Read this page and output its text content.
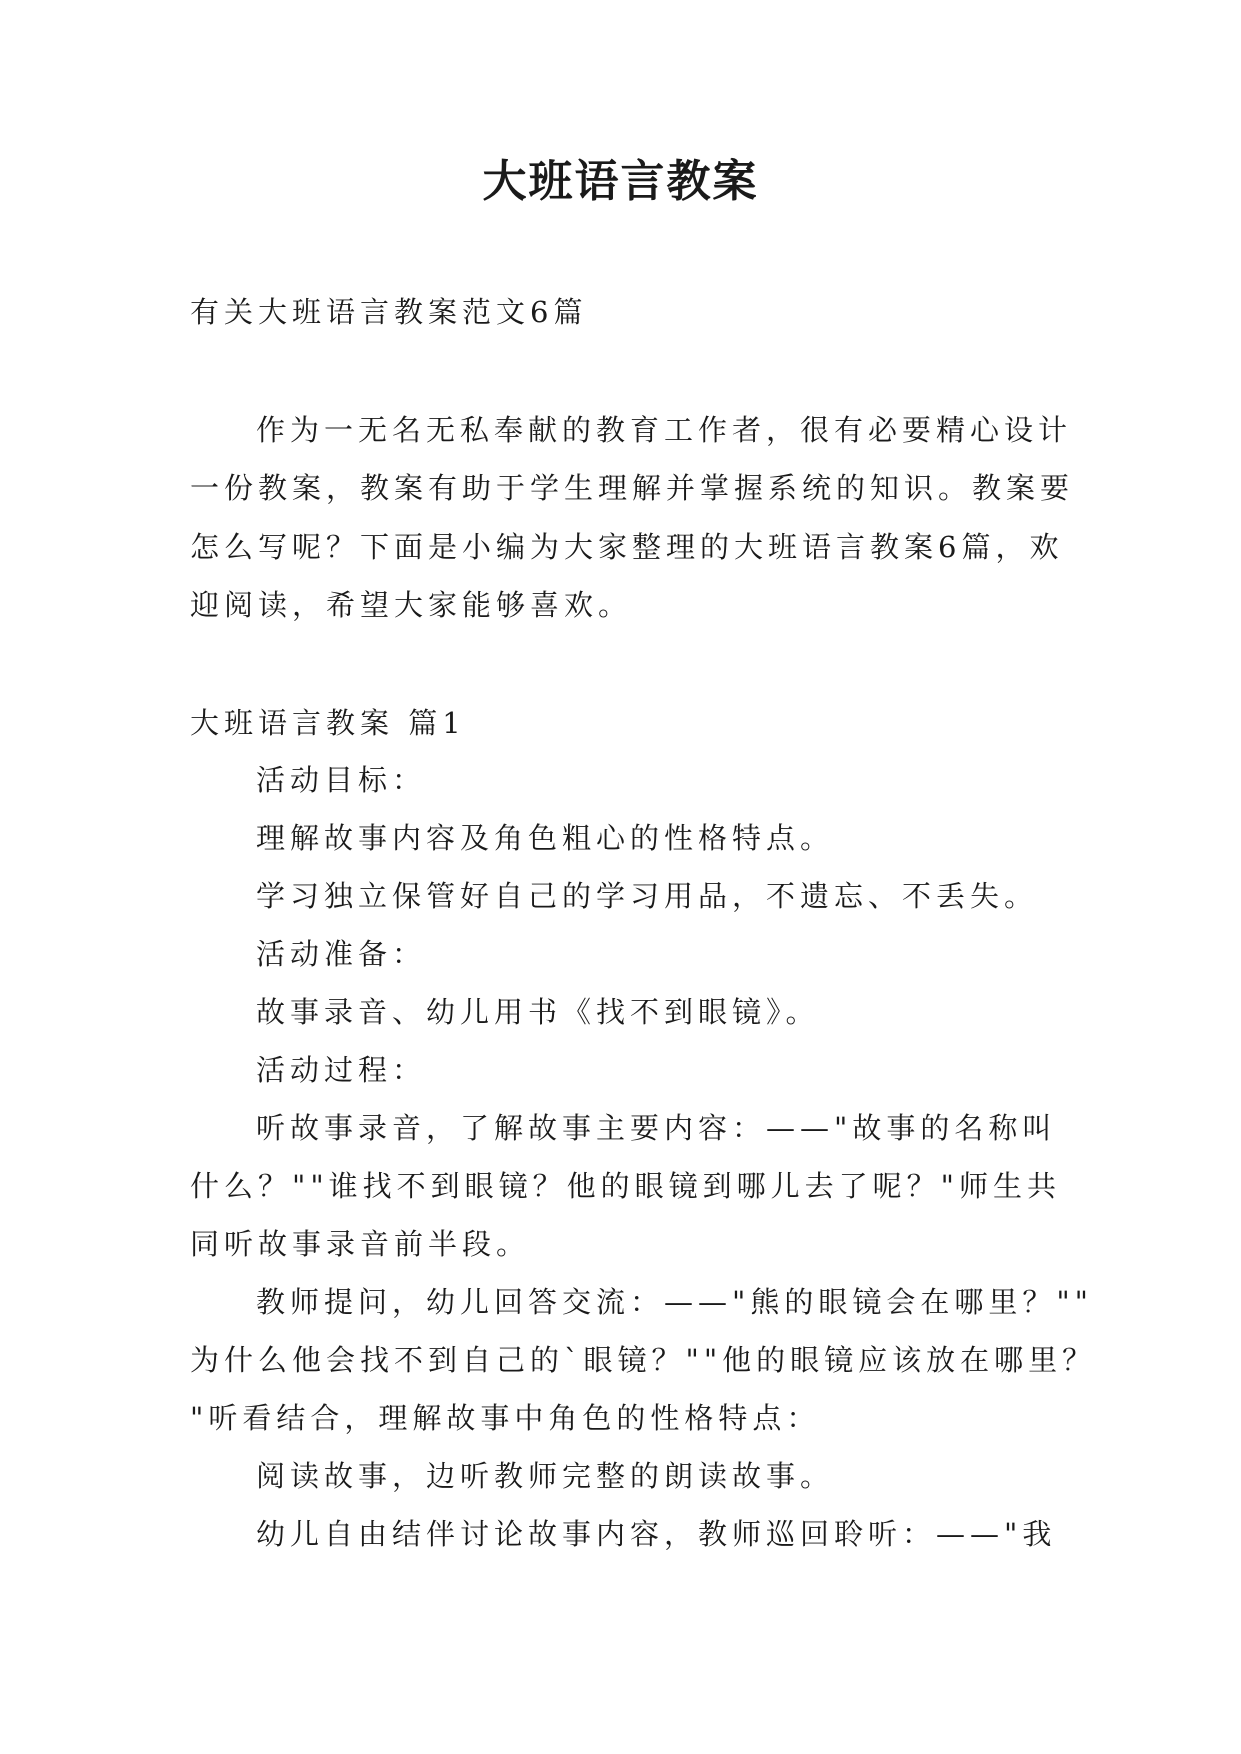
大班语言教案

有关大班语言教案范文6篇

作为一无名无私奉献的教育工作者，很有必要精心设计

一份教案，教案有助于学生理解并掌握系统的知识。教案要

怎么写呢？下面是小编为大家整理的大班语言教案6篇，欢

迎阅读，希望大家能够喜欢。

大班语言教案 篇1

活动目标：

理解故事内容及角色粗心的性格特点。

学习独立保管好自己的学习用品，不遗忘、不丢失。

活动准备：

故事录音、幼儿用书《找不到眼镜》。

活动过程：

听故事录音，了解故事主要内容：——"故事的名称叫

什么？""谁找不到眼镜？他的眼镜到哪儿去了呢？"师生共

同听故事录音前半段。

教师提问，幼儿回答交流：——"熊的眼镜会在哪里？""

为什么他会找不到自己的`眼镜？""他的眼镜应该放在哪里？

"听看结合，理解故事中角色的性格特点：

阅读故事，边听教师完整的朗读故事。

幼儿自由结伴讨论故事内容，教师巡回聆听：——"我
